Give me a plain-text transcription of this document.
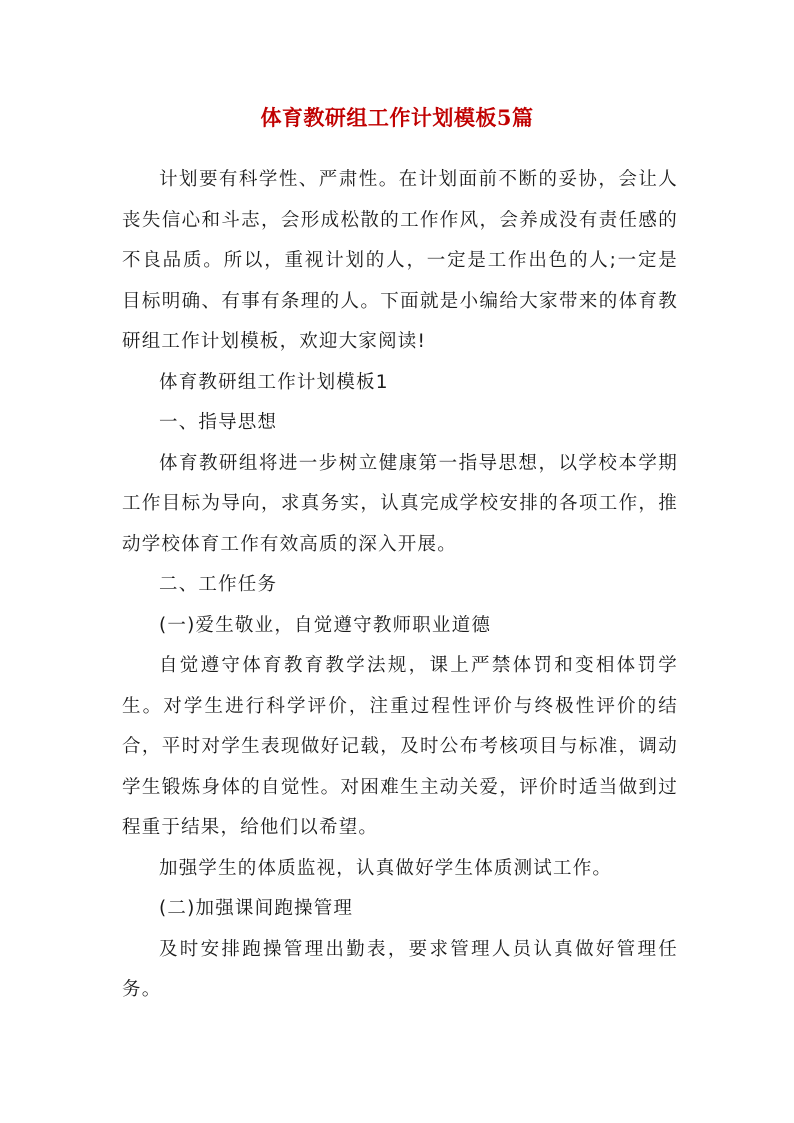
体育教研组工作计划模板5篇

计划要有科学性、严肃性。在计划面前不断的妥协，会让人丧失信心和斗志，会形成松散的工作作风，会养成没有责任感的不良品质。所以，重视计划的人，一定是工作出色的人;一定是目标明确、有事有条理的人。下面就是小编给大家带来的体育教研组工作计划模板，欢迎大家阅读!

体育教研组工作计划模板1

一、指导思想

体育教研组将进一步树立健康第一指导思想，以学校本学期工作目标为导向，求真务实，认真完成学校安排的各项工作，推动学校体育工作有效高质的深入开展。

二、工作任务

(一)爱生敬业，自觉遵守教师职业道德

自觉遵守体育教育教学法规，课上严禁体罚和变相体罚学生。对学生进行科学评价，注重过程性评价与终极性评价的结合，平时对学生表现做好记载，及时公布考核项目与标准，调动学生锻炼身体的自觉性。对困难生主动关爱，评价时适当做到过程重于结果，给他们以希望。

加强学生的体质监视，认真做好学生体质测试工作。

(二)加强课间跑操管理

及时安排跑操管理出勤表，要求管理人员认真做好管理任务。
